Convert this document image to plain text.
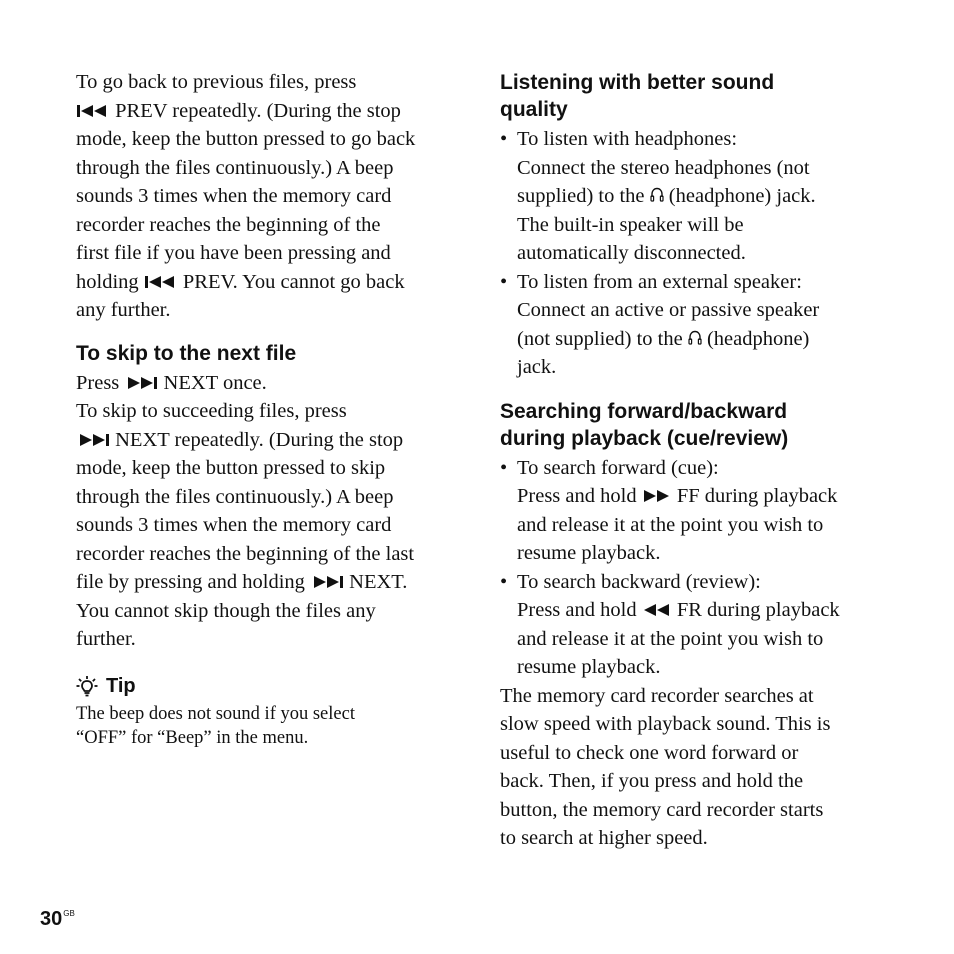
To go back to previous files, press

PREV repeatedly. (During the stop

mode, keep the button pressed to go back

through the files continuously.) A beep

sounds 3 times when the memory card

recorder reaches the beginning of the

first file if you have been pressing and

holding PREV. You cannot go back

any further.

To skip to the next file

Press NEXT once.

To skip to succeeding files, press

NEXT repeatedly. (During the stop

mode, keep the button pressed to skip

through the files continuously.) A beep

sounds 3 times when the memory card

recorder reaches the beginning of the last

file by pressing and holding NEXT.

You cannot skip though the files any

further.

Tip

The beep does not sound if you select

“OFF” for “Beep” in the menu.

Listening with better sound
quality

• To listen with headphones:

Connect the stereo headphones (not

supplied) to the (headphone) jack.

The built-in speaker will be

automatically disconnected.

• To listen from an external speaker:

Connect an active or passive speaker

(not supplied) to the (headphone)

jack.

Searching forward/backward
during playback (cue/review)

• To search forward (cue):

Press and hold FF during playback

and release it at the point you wish to

resume playback.

• To search backward (review):

Press and hold FR during playback

and release it at the point you wish to

resume playback.

The memory card recorder searches at

slow speed with playback sound. This is

useful to check one word forward or

back. Then, if you press and hold the

button, the memory card recorder starts

to search at higher speed.

$30^{GB}$
